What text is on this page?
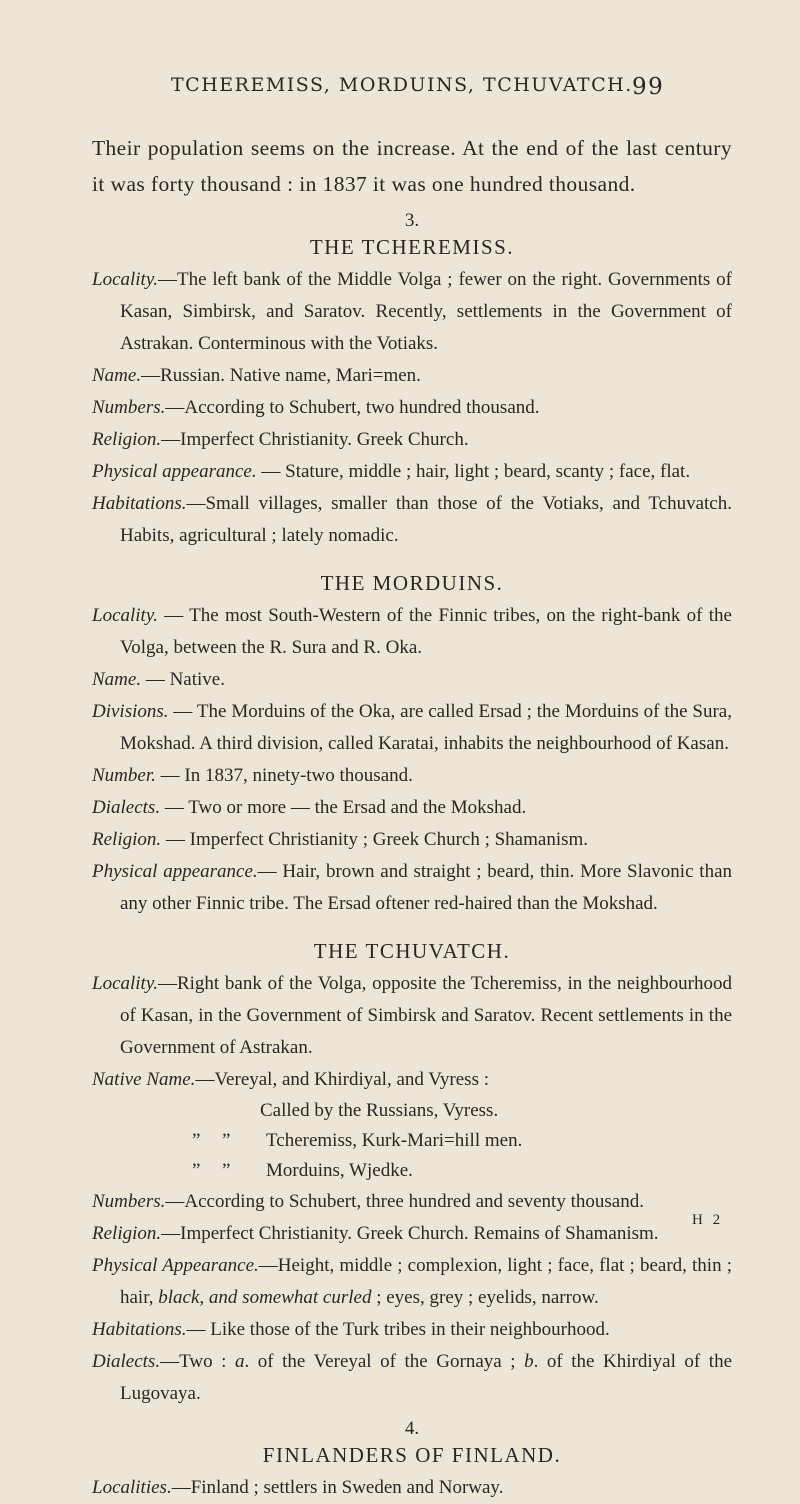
TCHEREMISS, MORDUINS, TCHUVATCH. 99

Their population seems on the increase. At the end of the last century it was forty thousand : in 1837 it was one hundred thousand.

3.
THE TCHEREMISS.

Locality.—The left bank of the Middle Volga ; fewer on the right. Governments of Kasan, Simbirsk, and Saratov. Recently, settlements in the Government of Astrakan. Conterminous with the Votiaks.

Name.—Russian. Native name, Mari=men.

Numbers.—According to Schubert, two hundred thousand.

Religion.—Imperfect Christianity. Greek Church.

Physical appearance. — Stature, middle ; hair, light ; beard, scanty ; face, flat.

Habitations.—Small villages, smaller than those of the Votiaks, and Tchuvatch. Habits, agricultural ; lately nomadic.

THE MORDUINS.

Locality. — The most South-Western of the Finnic tribes, on the right-bank of the Volga, between the R. Sura and R. Oka.

Name. — Native.

Divisions. — The Morduins of the Oka, are called Ersad ; the Morduins of the Sura, Mokshad. A third division, called Karatai, inhabits the neighbourhood of Kasan.

Number. — In 1837, ninety-two thousand.

Dialects. — Two or more — the Ersad and the Mokshad.

Religion. — Imperfect Christianity ; Greek Church ; Shamanism.

Physical appearance.— Hair, brown and straight ; beard, thin. More Slavonic than any other Finnic tribe. The Ersad oftener red-haired than the Mokshad.

THE TCHUVATCH.

Locality.—Right bank of the Volga, opposite the Tcheremiss, in the neighbourhood of Kasan, in the Government of Simbirsk and Saratov. Recent settlements in the Government of Astrakan.

Native Name.—Vereyal, and Khirdiyal, and Vyress :

Called by the Russians, Vyress.
” ” Tcheremiss, Kurk-Mari=hill men.
” ” Morduins, Wjedke.

Numbers.—According to Schubert, three hundred and seventy thousand.

Religion.—Imperfect Christianity. Greek Church. Remains of Shamanism.

Physical Appearance.—Height, middle ; complexion, light ; face, flat ; beard, thin ; hair, black, and somewhat curled ; eyes, grey ; eyelids, narrow.

Habitations.— Like those of the Turk tribes in their neighbourhood.

Dialects.—Two : a. of the Vereyal of the Gornaya ; b. of the Khirdiyal of the Lugovaya.

4.
FINLANDERS OF FINLAND.

Localities.—Finland ; settlers in Sweden and Norway.

H 2
